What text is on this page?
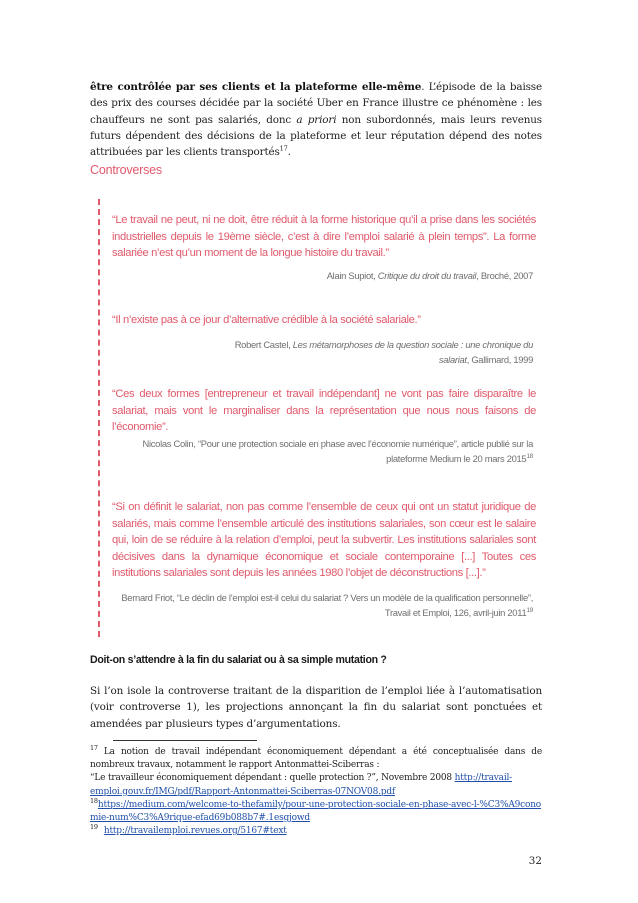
être contrôlée par ses clients et la plateforme elle-même. L’épisode de la baisse des prix des courses décidée par la société Uber en France illustre ce phénomène : les chauffeurs ne sont pas salariés, donc a priori non subordonnés, mais leurs revenus futurs dépendent des décisions de la plateforme et leur réputation dépend des notes attribuées par les clients transportés$^{17}$.
Controverses
“Le travail ne peut, ni ne doit, être réduit à la forme historique qu’il a prise dans les sociétés industrielles depuis le 19ème siècle, c’est à dire l’emploi salarié à plein temps”. La forme salariée n’est qu’un moment de la longue histoire du travail.”
Alain Supiot, Critique du droit du travail, Broché, 2007
“Il n’existe pas à ce jour d’alternative crédible à la société salariale.”
Robert Castel, Les métamorphoses de la question sociale : une chronique du salariat, Gallimard, 1999
“Ces deux formes [entrepreneur et travail indépendant] ne vont pas faire disparaître le salariat, mais vont le marginaliser dans la représentation que nous nous faisons de l’économie”.
Nicolas Colin, “Pour une protection sociale en phase avec l’économie numérique”, article publié sur la plateforme Medium le 20 mars 2015$^{18}$
“Si on définit le salariat, non pas comme l’ensemble de ceux qui ont un statut juridique de salariés, mais comme l’ensemble articulé des institutions salariales, son cœur est le salaire qui, loin de se réduire à la relation d’emploi, peut la subvertir. Les institutions salariales sont décisives dans la dynamique économique et sociale contemporaine [...] Toutes ces institutions salariales sont depuis les années 1980 l’objet de déconstructions [...].”
Bernard Friot, “Le déclin de l’emploi est-il celui du salariat ? Vers un modèle de la qualification personnelle”, Travail et Emploi, 126, avril-juin 2011$^{19}$
Doit-on s’attendre à la fin du salariat ou à sa simple mutation ?
Si l’on isole la controverse traitant de la disparition de l’emploi liée à l’automatisation (voir controverse 1), les projections annonçant la fin du salariat sont ponctuées et amendées par plusieurs types d’argumentations.

$^{17}$ La notion de travail indépendant économiquement dépendant a été conceptualisée dans de nombreux travaux, notamment le rapport Antonmattei-Sciberras :

“Le travailleur économiquement dépendant : quelle protection ?”, Novembre 2008 http://travail-emploi.gouv.fr/IMG/pdf/Rapport-Antonmattei-Sciberras-07NOV08.pdf

$^{18}$https://medium.com/welcome-to-thefamily/pour-une-protection-sociale-en-phase-avec-l-%C3%A9conomie-num%C3%A9rique-efad69b088b7#.1esgjowd

$^{19}$ http://travailemploi.revues.org/5167#text

32
